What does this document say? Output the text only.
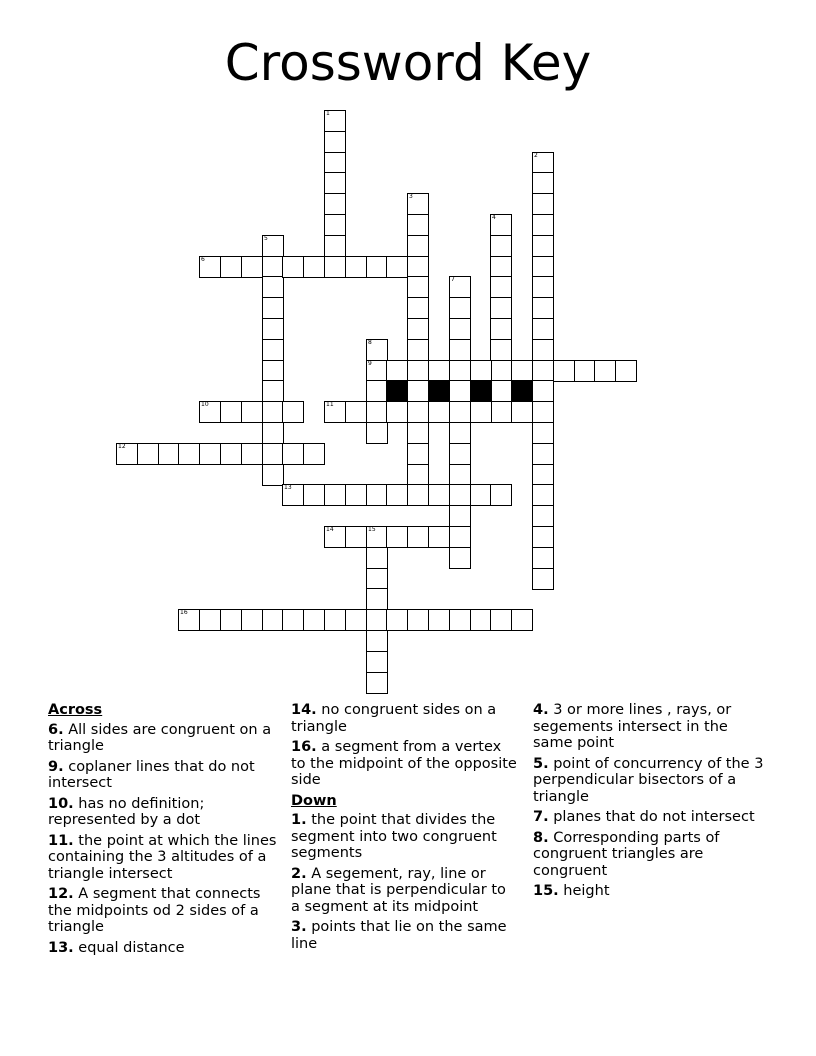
Crossword Key
1
2
3
4
5
7
8
9
15
6
10	11
12
13
14
16
Across
6. All sides are congruent on a triangle
9. coplaner lines that do not intersect
10. has no definition; represented by a dot
11. the point at which the lines containing the 3 altitudes of a triangle intersect
12. A segment that connects the midpoints od 2 sides of a triangle
13. equal distance
14. no congruent sides on a triangle
16. a segment from a vertex to the midpoint of the opposite side
Down
1. the point that divides the segment into two congruent segments
2. A segement, ray, line or plane that is perpendicular to a segment at its midpoint
3. points that lie on the same line
4. 3 or more lines , rays, or segements intersect in the same point
5. point of concurrency of the 3 perpendicular bisectors of a triangle
7. planes that do not intersect
8. Corresponding parts of congruent triangles are congruent
15. height
